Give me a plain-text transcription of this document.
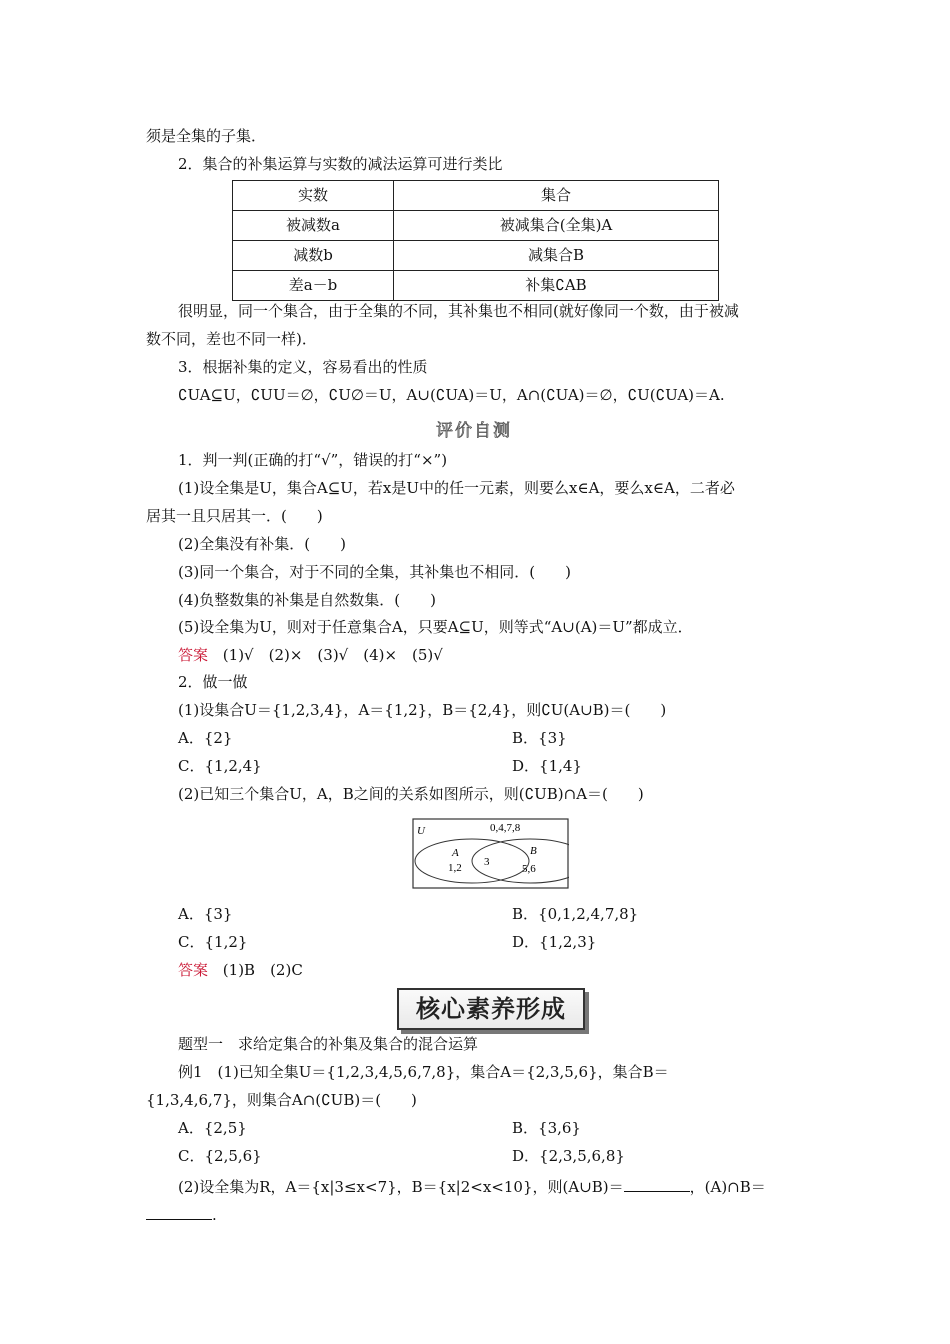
须是全集的子集．
2．集合的补集运算与实数的减法运算可进行类比
实数	集合
被减数a	被减集合(全集)A
减数b	减集合B
差a－b	补集∁AB
很明显，同一个集合，由于全集的不同，其补集也不相同(就好像同一个数，由于被减
数不同，差也不同一样)．
3．根据补集的定义，容易看出的性质
∁UA⊆U，∁UU＝∅，∁U∅＝U，A∪(∁UA)＝U，A∩(∁UA)＝∅，∁U(∁UA)＝A.
评价自测
1．判一判(正确的打“√”，错误的打“×”)
(1)设全集是U，集合A⊆U，若x是U中的任一元素，则要么x∈A，要么x∈A，二者必
居其一且只居其一．(　　)
(2)全集没有补集．(　　)
(3)同一个集合，对于不同的全集，其补集也不相同．(　　)
(4)负整数集的补集是自然数集．(　　)
(5)设全集为U，则对于任意集合A，只要A⊆U，则等式“A∪(A)＝U”都成立．
答案 (1)√　(2)×　(3)√　(4)×　(5)√
2．做一做
(1)设集合U＝{1,2,3,4}，A＝{1,2}，B＝{2,4}，则∁U(A∪B)＝(　　)
A．{2}	B．{3}
C．{1,2,4}	D．{1,4}
(2)已知三个集合U，A，B之间的关系如图所示，则(∁UB)∩A＝(　　)
U	0,4,7,8
A
1,2 3
B
5,6
A．{3}	B．{0,1,2,4,7,8}
C．{1,2}	D．{1,2,3}
答案 (1)B　(2)C
核心素养形成
题型一　求给定集合的补集及集合的混合运算
例1　(1)已知全集U＝{1,2,3,4,5,6,7,8}，集合A＝{2,3,5,6}，集合B＝
{1,3,4,6,7}，则集合A∩(∁UB)＝(　　)
A．{2,5}	B．{3,6}
C．{2,5,6}	D．{2,3,5,6,8}
(2)设全集为R，A＝{x|3≤x<7}，B＝{x|2<x<10}，则(A∪B)＝	，(A)∩B＝
.
